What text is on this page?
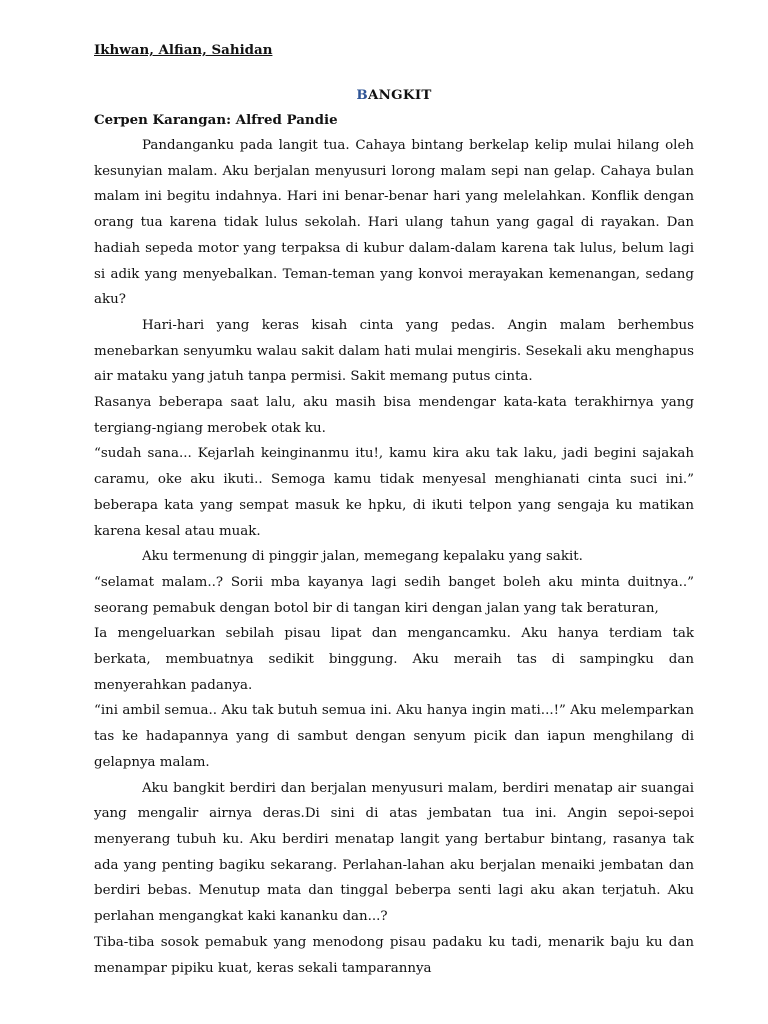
Ikhwan, Alfian, Sahidan

BANGKIT

Cerpen Karangan: Alfred Pandie

Pandanganku pada langit tua. Cahaya bintang berkelap kelip mulai hilang oleh kesunyian malam. Aku berjalan menyusuri lorong malam sepi nan gelap. Cahaya bulan malam ini begitu indahnya. Hari ini benar-benar hari yang melelahkan. Konflik dengan orang tua karena tidak lulus sekolah. Hari ulang tahun yang gagal di rayakan. Dan hadiah sepeda motor yang terpaksa di kubur dalam-dalam karena tak lulus, belum lagi si adik yang menyebalkan. Teman-teman yang konvoi merayakan kemenangan, sedang aku?

Hari-hari yang keras kisah cinta yang pedas. Angin malam berhembus menebarkan senyumku walau sakit dalam hati mulai mengiris. Sesekali aku menghapus air mataku yang jatuh tanpa permisi. Sakit memang putus cinta.

Rasanya beberapa saat lalu, aku masih bisa mendengar kata-kata terakhirnya yang tergiang-ngiang merobek otak ku.

“sudah sana... Kejarlah keinginanmu itu!, kamu kira aku tak laku, jadi begini sajakah caramu, oke aku ikuti.. Semoga kamu tidak menyesal menghianati cinta suci ini.” beberapa kata yang sempat masuk ke hpku, di ikuti telpon yang sengaja ku matikan karena kesal atau muak.

Aku termenung di pinggir jalan, memegang kepalaku yang sakit.

“selamat malam..? Sorii mba kayanya lagi sedih banget boleh aku minta duitnya..” seorang pemabuk dengan botol bir di tangan kiri dengan jalan yang tak beraturan,

Ia mengeluarkan sebilah pisau lipat dan mengancamku. Aku hanya terdiam tak berkata, membuatnya sedikit binggung. Aku meraih tas di sampingku dan menyerahkan padanya.

“ini ambil semua.. Aku tak butuh semua ini. Aku hanya ingin mati...!” Aku melemparkan tas ke hadapannya yang di sambut dengan senyum picik dan iapun menghilang di gelapnya malam.

Aku bangkit berdiri dan berjalan menyusuri malam, berdiri menatap air suangai yang mengalir airnya deras.Di sini di atas jembatan tua ini. Angin sepoi-sepoi menyerang tubuh ku. Aku berdiri menatap langit yang bertabur bintang, rasanya tak ada yang penting bagiku sekarang. Perlahan-lahan aku berjalan menaiki jembatan dan berdiri bebas. Menutup mata dan tinggal beberpa senti lagi aku akan terjatuh. Aku perlahan mengangkat kaki kananku dan...?

Tiba-tiba sosok pemabuk yang menodong pisau padaku ku tadi, menarik baju ku dan menampar pipiku kuat, keras sekali tamparannya
